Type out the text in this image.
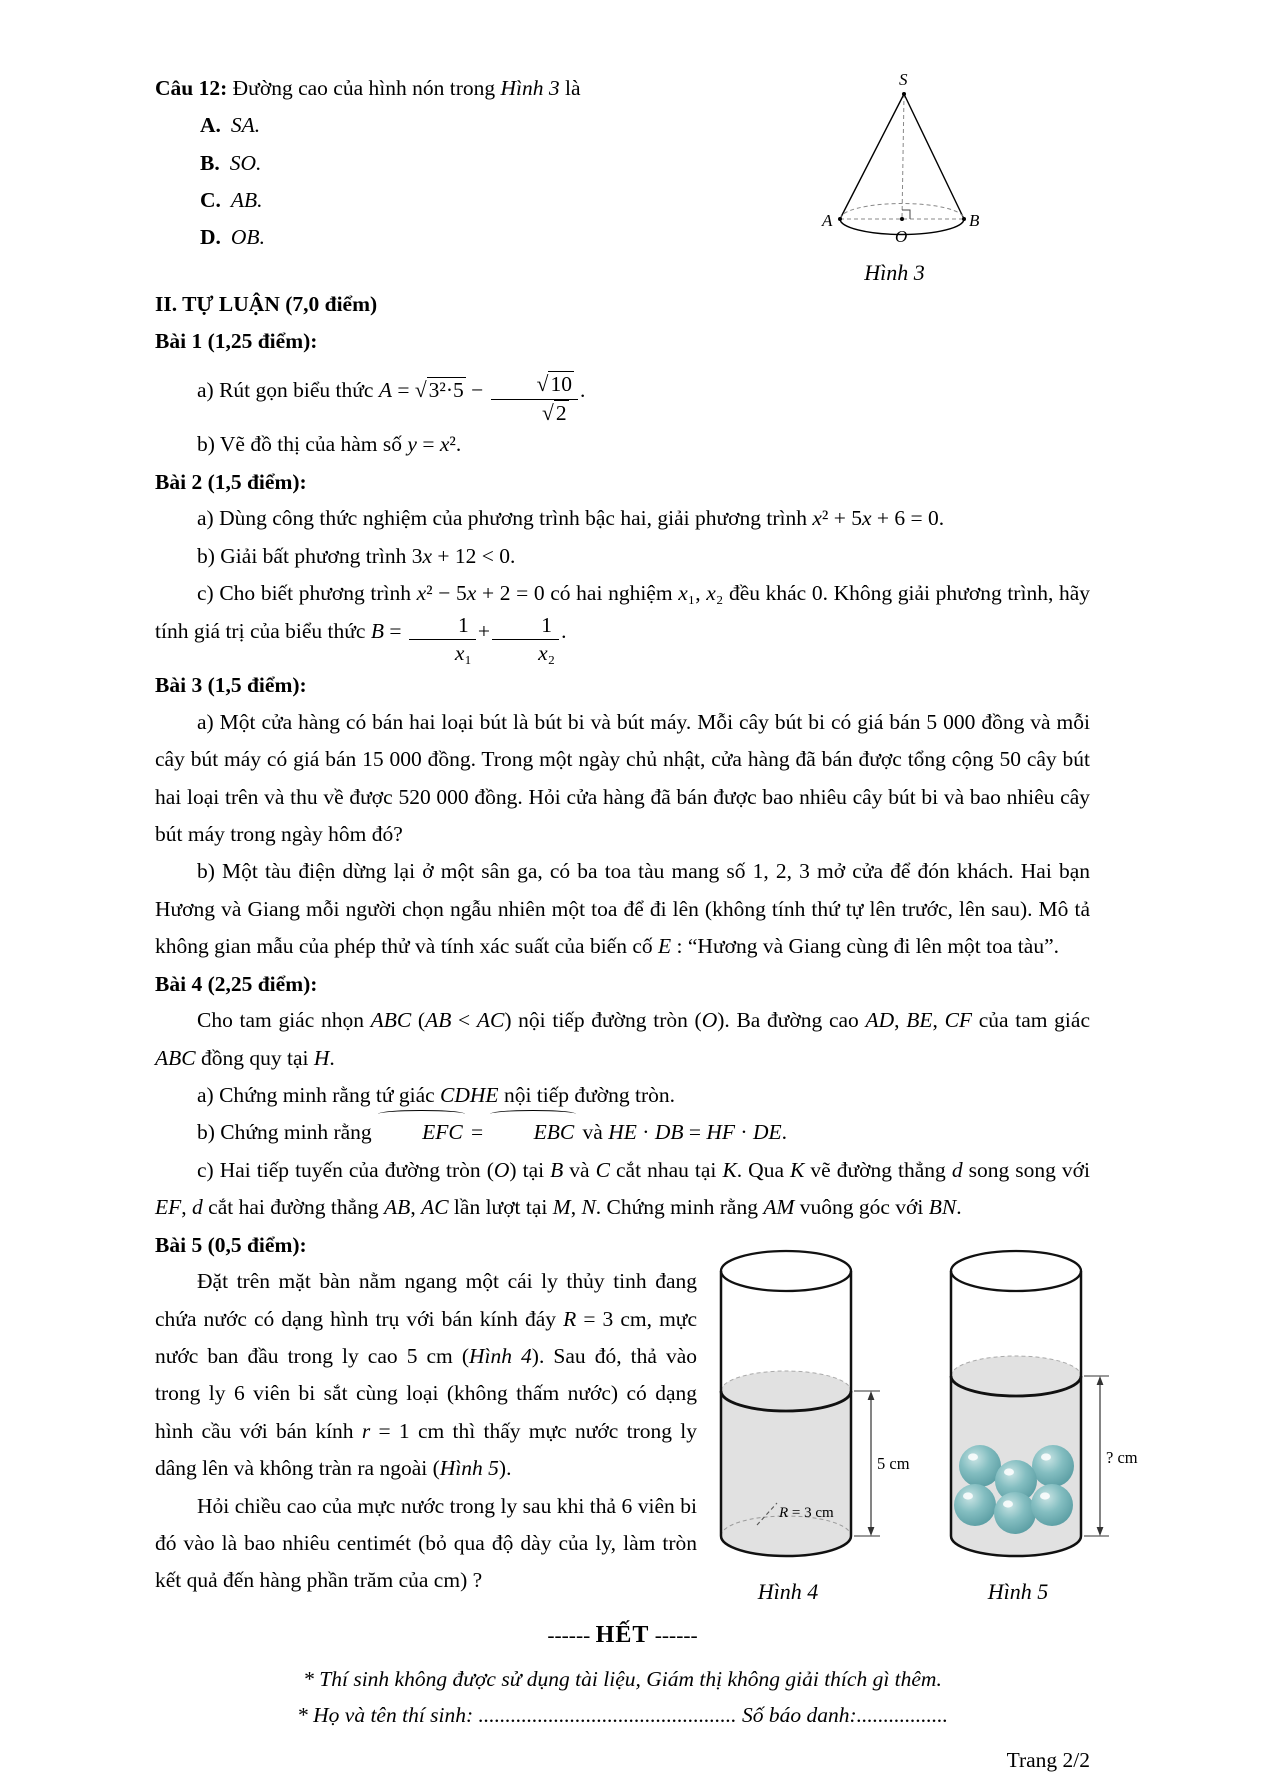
Câu 12: Đường cao của hình nón trong Hình 3 là

A. SA.
B. SO.
C. AB.
D. OB.
S
A	B
O
Hình 3
II. TỰ LUẬN (7,0 điểm)
Bài 1 (1,25 điểm):

a) Rút gọn biểu thức $A = √3^2\cdot 5 - \frac{√10}{√2}$ .

b) Vẽ đồ thị của hàm số y = x².

Bài 2 (1,5 điểm):

a) Dùng công thức nghiệm của phương trình bậc hai, giải phương trình x² + 5x + 6 = 0.

b) Giải bất phương trình 3x + 12 < 0.

c) Cho biết phương trình x² − 5x + 2 = 0 có hai nghiệm x₁, x₂ đều khác 0. Không giải phương trình, hãy tính giá trị của biểu thức $B = \frac{1}{\text{x₁}} + \frac{1}{\text{x₂}}$ .

Bài 3 (1,5 điểm):

a) Một cửa hàng có bán hai loại bút là bút bi và bút máy. Mỗi cây bút bi có giá bán 5 000 đồng và mỗi cây bút máy có giá bán 15 000 đồng. Trong một ngày chủ nhật, cửa hàng đã bán được tổng cộng 50 cây bút hai loại trên và thu về được 520 000 đồng. Hỏi cửa hàng đã bán được bao nhiêu cây bút bi và bao nhiêu cây bút máy trong ngày hôm đó?

b) Một tàu điện dừng lại ở một sân ga, có ba toa tàu mang số 1, 2, 3 mở cửa để đón khách. Hai bạn Hương và Giang mỗi người chọn ngẫu nhiên một toa để đi lên (không tính thứ tự lên trước, lên sau). Mô tả không gian mẫu của phép thử và tính xác suất của biến cố E : “Hương và Giang cùng đi lên một toa tàu”.

Bài 4 (2,25 điểm):

Cho tam giác nhọn ABC (AB < AC) nội tiếp đường tròn (O). Ba đường cao AD, BE, CF của tam giác ABC đồng quy tại H.

a) Chứng minh rằng tứ giác CDHE nội tiếp đường tròn.

b) Chứng minh rằng EFC = EBC và HE · DB = HF · DE.

c) Hai tiếp tuyến của đường tròn (O) tại B và C cắt nhau tại K. Qua K vẽ đường thẳng d song song với EF, d cắt hai đường thẳng AB, AC lần lượt tại M, N. Chứng minh rằng AM vuông góc với BN.

Bài 5 (0,5 điểm):

Đặt trên mặt bàn nằm ngang một cái ly thủy tinh đang chứa nước có dạng hình trụ với bán kính đáy R = 3 cm, mực nước ban đầu trong ly cao 5 cm (Hình 4). Sau đó, thả vào trong ly 6 viên bi sắt cùng loại (không thấm nước) có dạng hình cầu với bán kính r = 1 cm thì thấy mực nước trong ly dâng lên và không tràn ra ngoài (Hình 5).

Hỏi chiều cao của mực nước trong ly sau khi thả 6 viên bi đó vào là bao nhiêu centimét (bỏ qua độ dày của ly, làm tròn kết quả đến hàng phần trăm của cm) ?

R = 3 cm
5 cm
Hình 4
? cm
Hình 5

------ HẾT ------

* Thí sinh không được sử dụng tài liệu, Giám thị không giải thích gì thêm.

* Họ và tên thí sinh: ................................................ Số báo danh:.................

Trang 2/2
